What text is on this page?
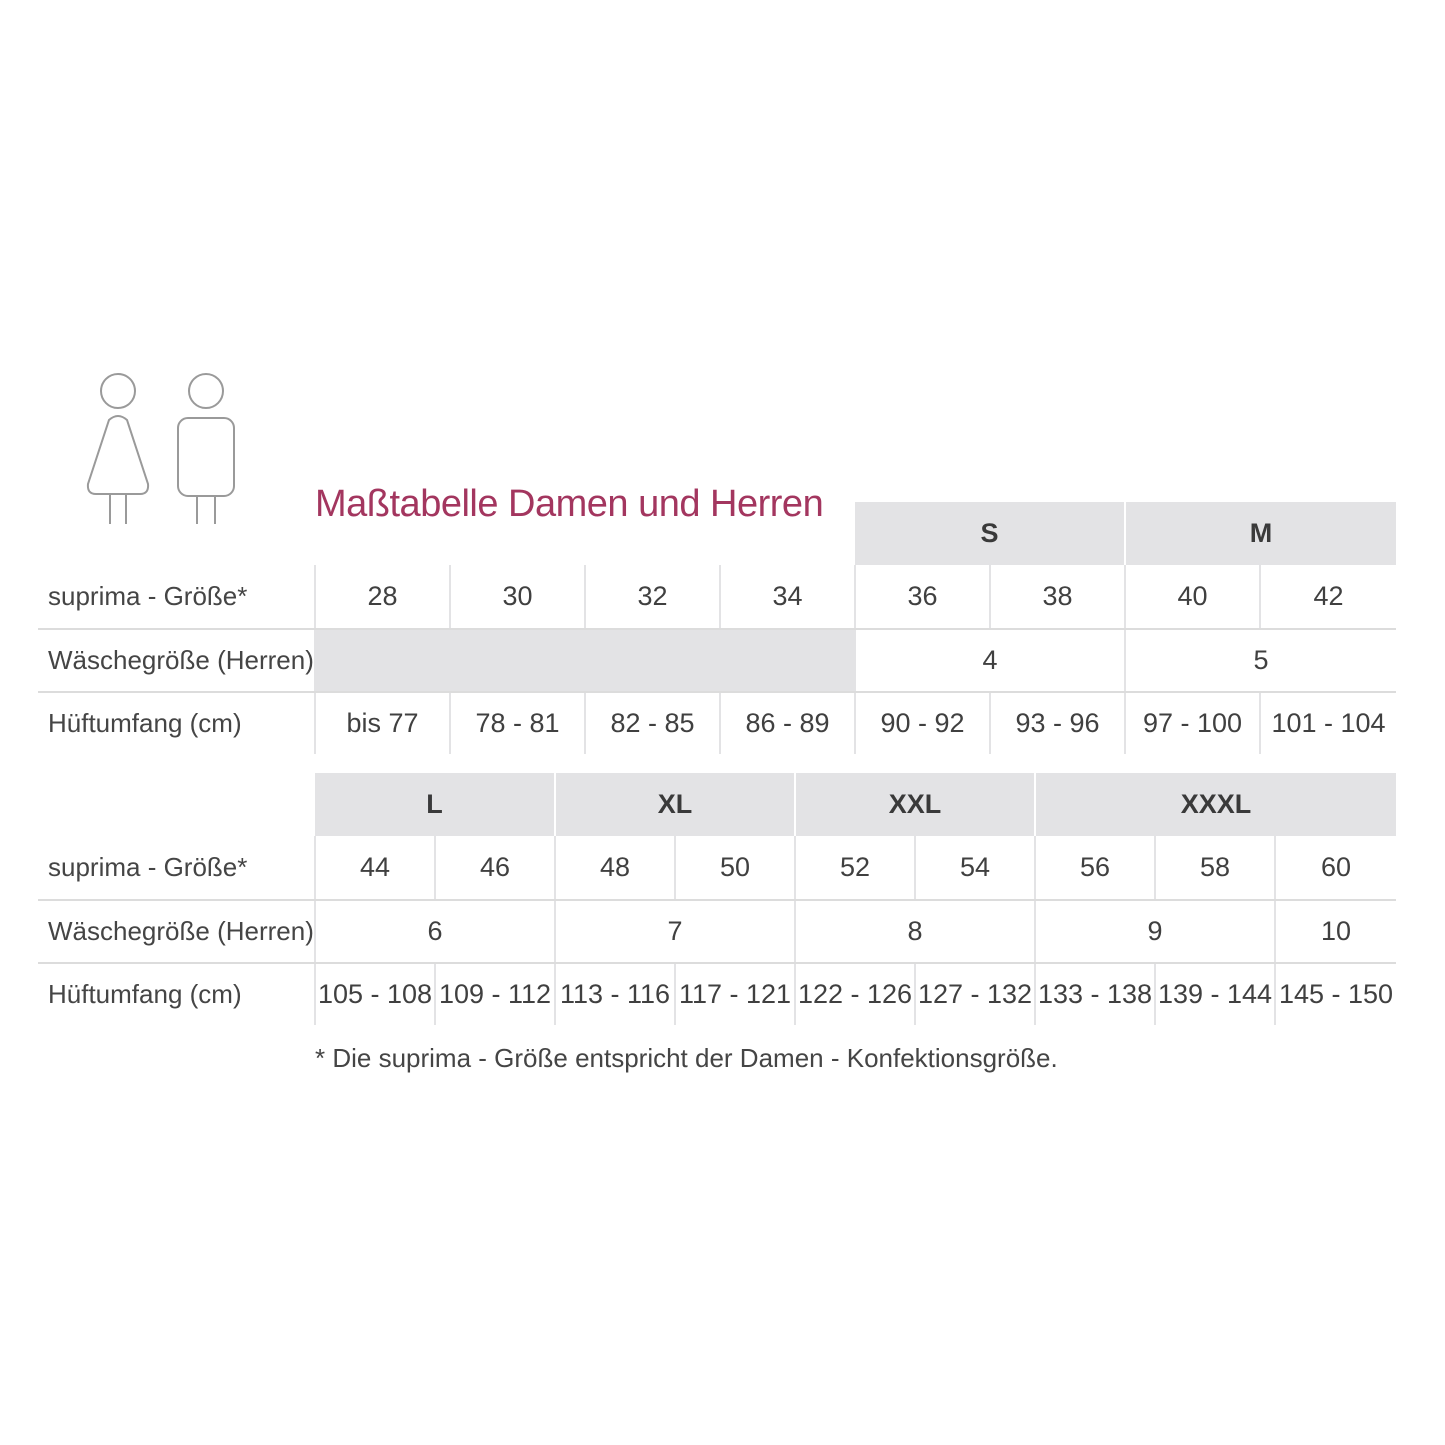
Maßtabelle Damen und Herren
					S		M	
suprima - Größe*	28	30	32	34	36	38	40	42
Wäschegröße (Herren)					4		5	
Hüftumfang (cm)	bis 77	78 - 81	82 - 85	86 - 89	90 - 92	93 - 96	97 - 100	101 - 104
	L		XL		XXL		XXXL		
suprima - Größe*	44	46	48	50	52	54	56	58	60
Wäschegröße (Herren)	6		7		8		9		10
Hüftumfang (cm)	105 - 108	109 - 112	113 - 116	117 - 121	122 - 126	127 - 132	133 - 138	139 - 144	145 - 150
* Die suprima - Größe entspricht der Damen - Konfektionsgröße.
